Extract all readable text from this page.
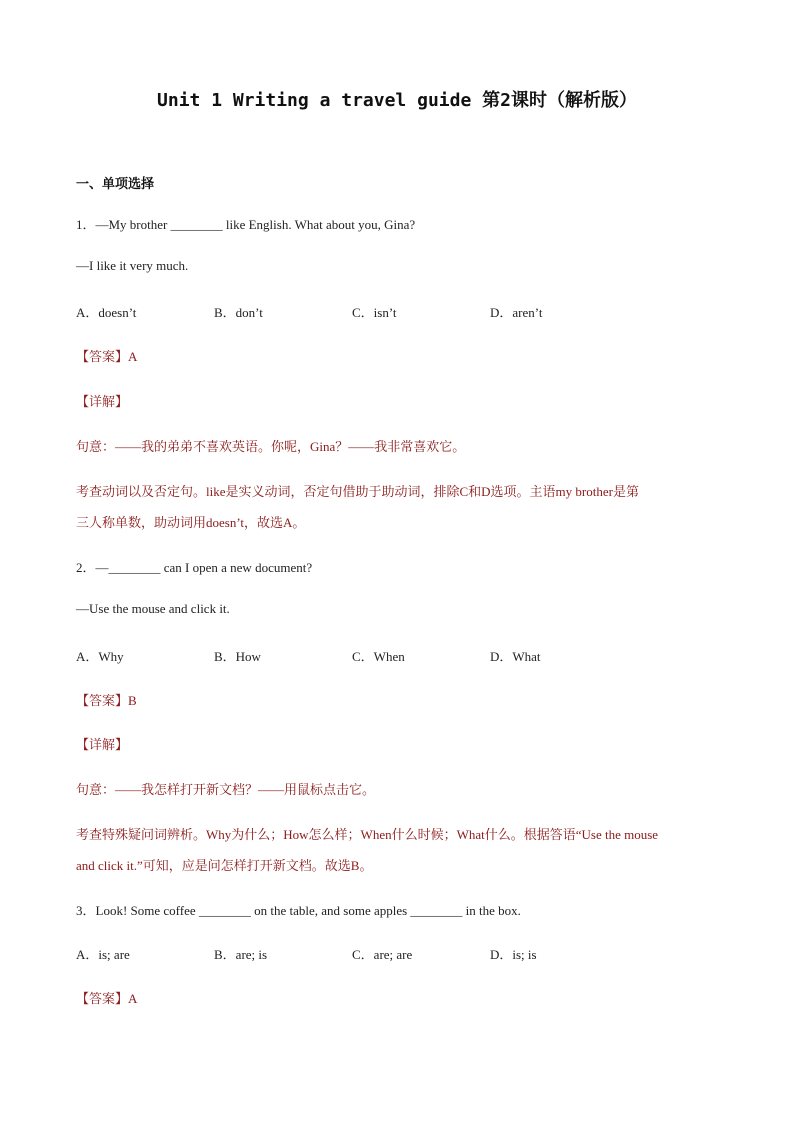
Unit 1 Writing a travel guide 第2课时（解析版）
一、单项选择
1．—My brother ________ like English. What about you, Gina?
—I like it very much.
A．doesn’t	B．don’t	C．isn’t	D．aren’t
【答案】A
【详解】
句意：——我的弟弟不喜欢英语。你呢，Gina？——我非常喜欢它。
考查动词以及否定句。like是实义动词，否定句借助于助动词，排除C和D选项。主语my brother是第
三人称单数，助动词用doesn’t，故选A。
2．—________ can I open a new document?
—Use the mouse and click it.
A．Why	B．How	C．When	D．What
【答案】B
【详解】
句意：——我怎样打开新文档？——用鼠标点击它。
考查特殊疑问词辨析。Why为什么；How怎么样；When什么时候；What什么。根据答语“Use the mouse
and click it.”可知，应是问怎样打开新文档。故选B。
3．Look! Some coffee ________ on the table, and some apples ________ in the box.
A．is; are	B．are; is	C．are; are	D．is; is
【答案】A
